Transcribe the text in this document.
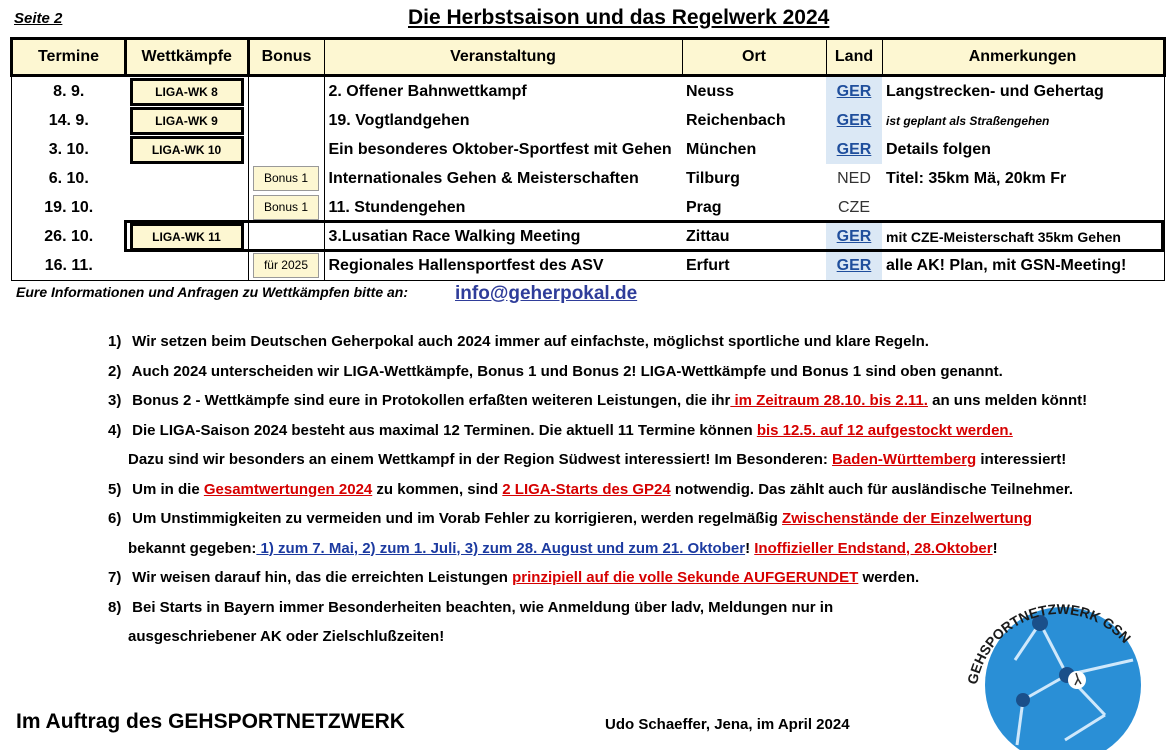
Seite 2	Die Herbstsaison und das Regelwerk 2024
Termine	Wettkämpfe	Bonus	Veranstaltung	Ort	Land	Anmerkungen
8. 9.	LIGA-WK 8		2. Offener Bahnwettkampf	Neuss	GER	Langstrecken- und Gehertag
14. 9.	LIGA-WK 9		19. Vogtlandgehen	Reichenbach	GER	ist geplant als Straßengehen
3. 10.	LIGA-WK 10		Ein besonderes Oktober-Sportfest mit Gehen	München	GER	Details folgen
6. 10.		Bonus 1	Internationales Gehen & Meisterschaften	Tilburg	NED	Titel: 35km Mä, 20km Fr
19. 10.		Bonus 1	11. Stundengehen	Prag	CZE	
26. 10.	LIGA-WK 11		3.Lusatian Race Walking Meeting	Zittau	GER	mit CZE-Meisterschaft 35km Gehen
16. 11.		für 2025	Regionales Hallensportfest des ASV	Erfurt	GER	alle AK! Plan, mit GSN-Meeting!
Eure Informationen und Anfragen zu Wettkämpfen bitte an: info@geherpokal.de
1) Wir setzen beim Deutschen Geherpokal auch 2024 immer auf einfachste, möglichst sportliche und klare Regeln.
2) Auch 2024 unterscheiden wir LIGA-Wettkämpfe, Bonus 1 und Bonus 2! LIGA-Wettkämpfe und Bonus 1 sind oben genannt.
3) Bonus 2 - Wettkämpfe sind eure in Protokollen erfaßten weiteren Leistungen, die ihr im Zeitraum 28.10. bis 2.11. an uns melden könnt!
4) Die LIGA-Saison 2024 besteht aus maximal 12 Terminen. Die aktuell 11 Termine können bis 12.5. auf 12 aufgestockt werden.
Dazu sind wir besonders an einem Wettkampf in der Region Südwest interessiert! Im Besonderen: Baden-Württemberg interessiert!
5) Um in die Gesamtwertungen 2024 zu kommen, sind 2 LIGA-Starts des GP24 notwendig. Das zählt auch für ausländische Teilnehmer.
6) Um Unstimmigkeiten zu vermeiden und im Vorab Fehler zu korrigieren, werden regelmäßig Zwischenstände der Einzelwertung
bekannt gegeben: 1) zum 7. Mai, 2) zum 1. Juli, 3) zum 28. August und zum 21. Oktober! Inoffizieller Endstand, 28.Oktober!
7) Wir weisen darauf hin, das die erreichten Leistungen prinzipiell auf die volle Sekunde AUFGERUNDET werden.
8) Bei Starts in Bayern immer Besonderheiten beachten, wie Anmeldung über ladv, Meldungen nur in
ausgeschriebener AK oder Zielschlußzeiten!
Im Auftrag des GEHSPORTNETZWERK	Udo Schaeffer, Jena, im April 2024
GEHSPORTNETZWERK GSN
